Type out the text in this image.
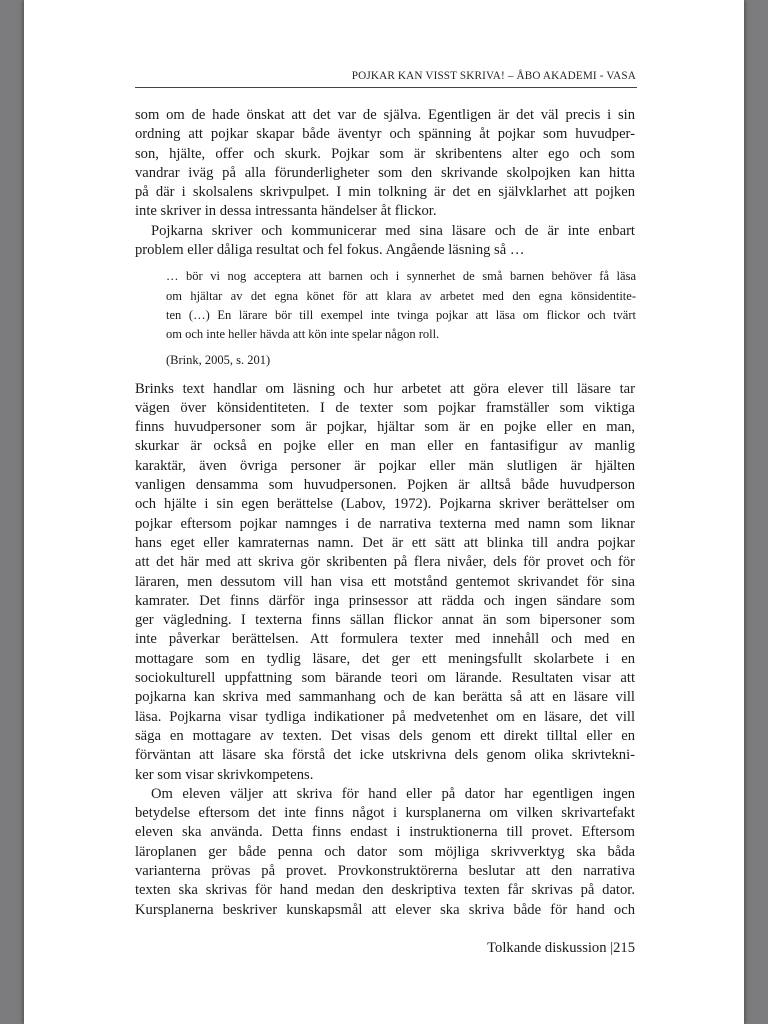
POJKAR KAN VISST SKRIVA! – ÅBO AKADEMI - VASA

som om de hade önskat att det var de själva. Egentligen är det väl precis i sin
ordning att pojkar skapar både äventyr och spänning åt pojkar som huvudper-
son, hjälte, offer och skurk. Pojkar som är skribentens alter ego och som
vandrar iväg på alla förunderligheter som den skrivande skolpojken kan hitta
på där i skolsalens skrivpulpet. I min tolkning är det en självklarhet att pojken
inte skriver in dessa intressanta händelser åt flickor.

Pojkarna skriver och kommunicerar med sina läsare och de är inte enbart
problem eller dåliga resultat och fel fokus. Angående läsning så …

… bör vi nog acceptera att barnen och i synnerhet de små barnen behöver få läsa
om hjältar av det egna könet för att klara av arbetet med den egna könsidentite-
ten (…) En lärare bör till exempel inte tvinga pojkar att läsa om flickor och tvärt
om och inte heller hävda att kön inte spelar någon roll.
(Brink, 2005, s. 201)

Brinks text handlar om läsning och hur arbetet att göra elever till läsare tar
vägen över könsidentiteten. I de texter som pojkar framställer som viktiga
finns huvudpersoner som är pojkar, hjältar som är en pojke eller en man,
skurkar är också en pojke eller en man eller en fantasifigur av manlig
karaktär, även övriga personer är pojkar eller män slutligen är hjälten
vanligen densamma som huvudpersonen. Pojken är alltså både huvudperson
och hjälte i sin egen berättelse (Labov, 1972). Pojkarna skriver berättelser om
pojkar eftersom pojkar namnges i de narrativa texterna med namn som liknar
hans eget eller kamraternas namn. Det är ett sätt att blinka till andra pojkar
att det här med att skriva gör skribenten på flera nivåer, dels för provet och för
läraren, men dessutom vill han visa ett motstånd gentemot skrivandet för sina
kamrater. Det finns därför inga prinsessor att rädda och ingen sändare som
ger vägledning. I texterna finns sällan flickor annat än som bipersoner som
inte påverkar berättelsen. Att formulera texter med innehåll och med en
mottagare som en tydlig läsare, det ger ett meningsfullt skolarbete i en
sociokulturell uppfattning som bärande teori om lärande. Resultaten visar att
pojkarna kan skriva med sammanhang och de kan berätta så att en läsare vill
läsa. Pojkarna visar tydliga indikationer på medvetenhet om en läsare, det vill
säga en mottagare av texten. Det visas dels genom ett direkt tilltal eller en
förväntan att läsare ska förstå det icke utskrivna dels genom olika skrivtekni-
ker som visar skrivkompetens.

Om eleven väljer att skriva för hand eller på dator har egentligen ingen
betydelse eftersom det inte finns något i kursplanerna om vilken skrivartefakt
eleven ska använda. Detta finns endast i instruktionerna till provet. Eftersom
läroplanen ger både penna och dator som möjliga skrivverktyg ska båda
varianterna prövas på provet. Provkonstruktörerna beslutar att den narrativa
texten ska skrivas för hand medan den deskriptiva texten får skrivas på dator.
Kursplanerna beskriver kunskapsmål att elever ska skriva både för hand och

Tolkande diskussion |215
